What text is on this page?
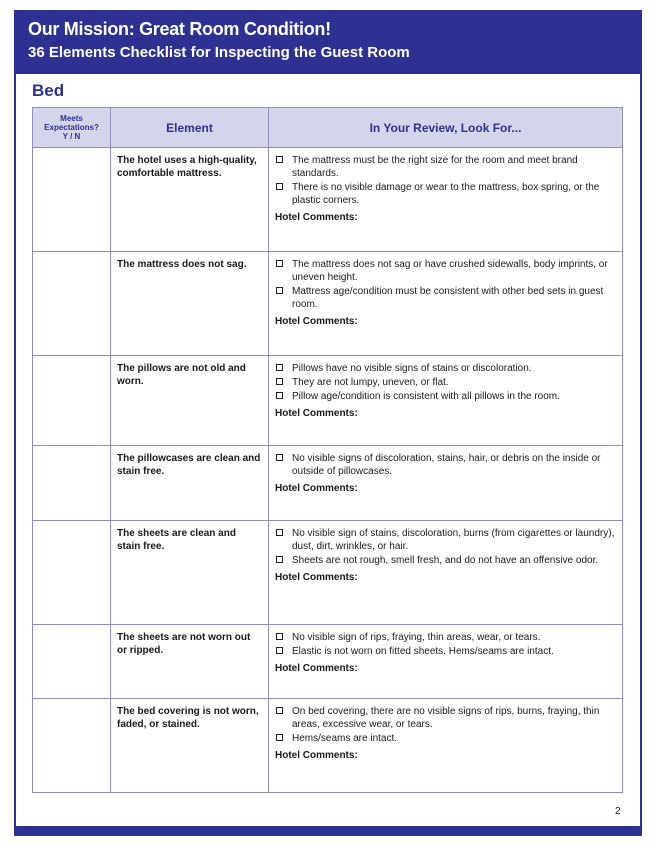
Our Mission: Great Room Condition!
36 Elements Checklist for Inspecting the Guest Room
Bed
Meets
Expectations?
Y / N	Element	In Your Review, Look For...
	The hotel uses a high-quality, comfortable mattress.	The mattress must be the right size for the room and meet brand standards.
There is no visible damage or wear to the mattress, box spring, or the plastic corners.
Hotel Comments:

	The mattress does not sag.	The mattress does not sag or have crushed sidewalls, body imprints, or uneven height.
Mattress age/condition must be consistent with other bed sets in guest room.
Hotel Comments:

	The pillows are not old and worn.	Pillows have no visible signs of stains or discoloration.
They are not lumpy, uneven, or flat.
Pillow age/condition is consistent with all pillows in the room.
Hotel Comments:

	The pillowcases are clean and stain free.	No visible signs of discoloration, stains, hair, or debris on the inside or outside of pillowcases.
Hotel Comments:

	The sheets are clean and stain free.	No visible sign of stains, discoloration, burns (from cigarettes or laundry), dust, dirt, wrinkles, or hair.
Sheets are not rough, smell fresh, and do not have an offensive odor.
Hotel Comments:

	The sheets are not worn out or ripped.	No visible sign of rips, fraying, thin areas, wear, or tears.
Elastic is not worn on fitted sheets. Hems/seams are intact.
Hotel Comments:

	The bed covering is not worn, faded, or stained.	On bed covering, there are no visible signs of rips, burns, fraying, thin areas, excessive wear, or tears.
Hems/seams are intact.
Hotel Comments:
2
